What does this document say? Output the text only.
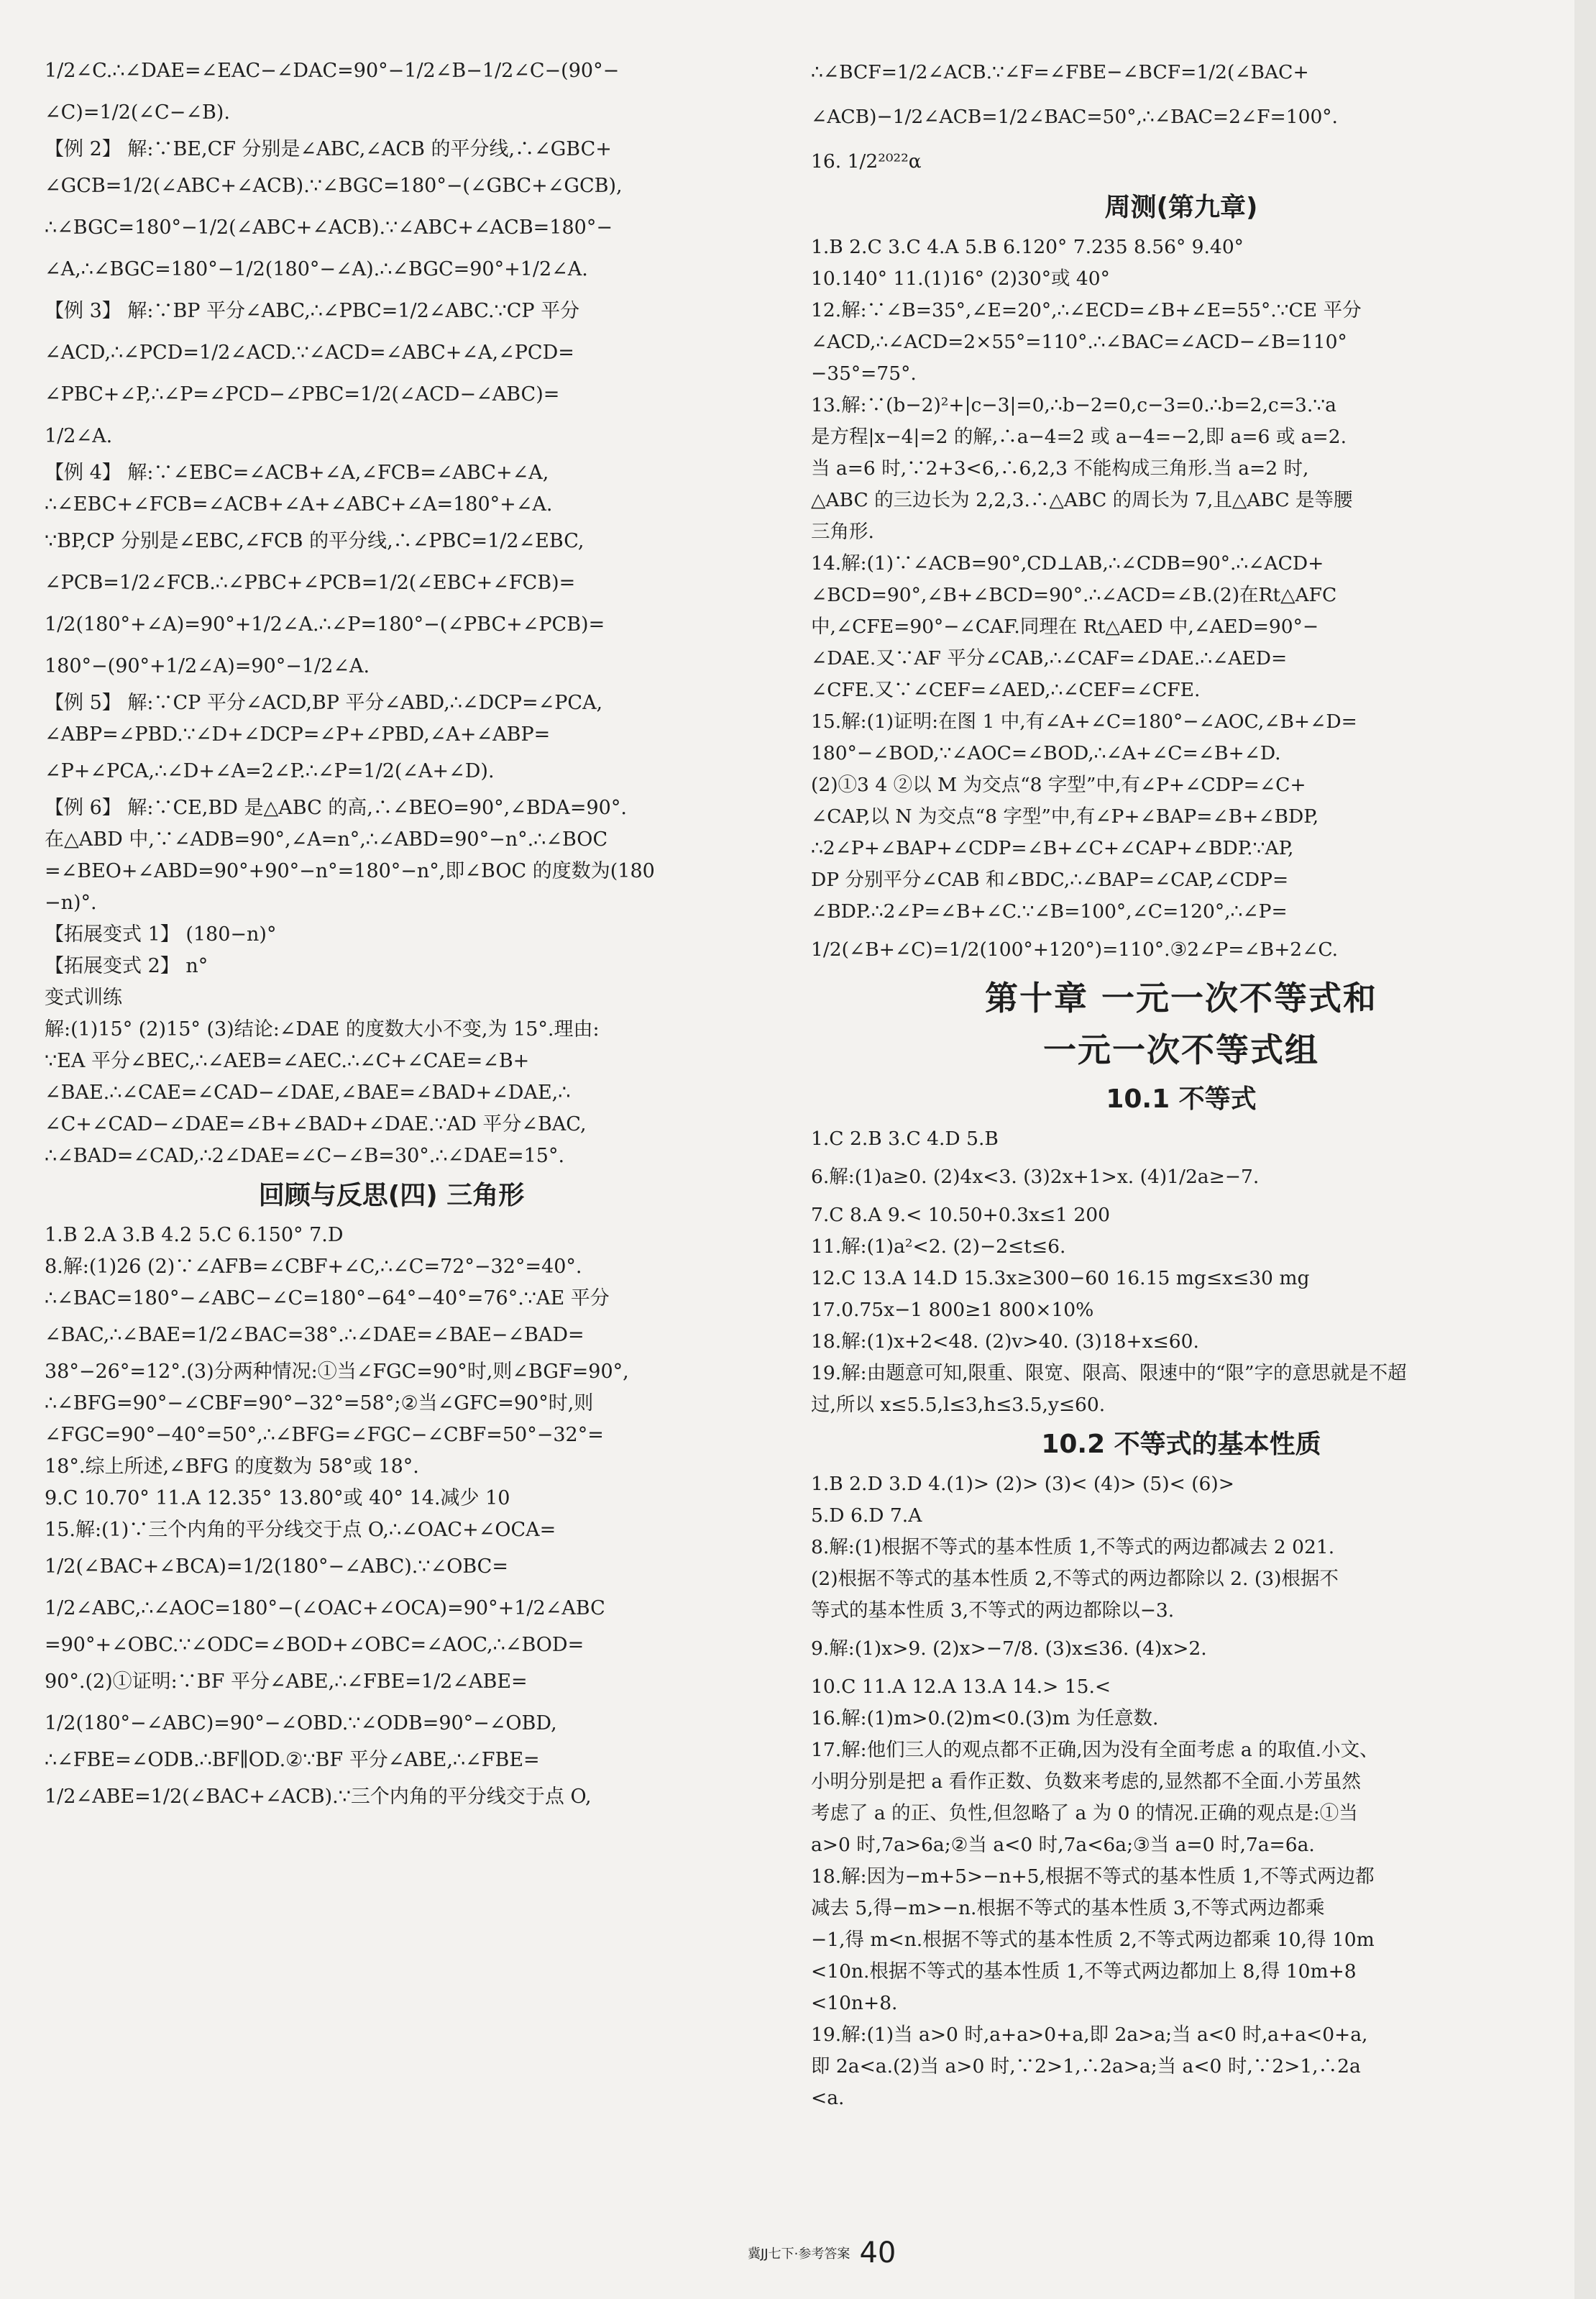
1/2∠C.∴∠DAE=∠EAC−∠DAC=90°−1/2∠B−1/2∠C−(90°−

∠C)=1/2(∠C−∠B).

【例 2】 解:∵BE,CF 分别是∠ABC,∠ACB 的平分线,∴∠GBC+

∠GCB=1/2(∠ABC+∠ACB).∵∠BGC=180°−(∠GBC+∠GCB),

∴∠BGC=180°−1/2(∠ABC+∠ACB).∵∠ABC+∠ACB=180°−

∠A,∴∠BGC=180°−1/2(180°−∠A).∴∠BGC=90°+1/2∠A.

【例 3】 解:∵BP 平分∠ABC,∴∠PBC=1/2∠ABC.∵CP 平分

∠ACD,∴∠PCD=1/2∠ACD.∵∠ACD=∠ABC+∠A,∠PCD=

∠PBC+∠P,∴∠P=∠PCD−∠PBC=1/2(∠ACD−∠ABC)=

1/2∠A.

【例 4】 解:∵∠EBC=∠ACB+∠A,∠FCB=∠ABC+∠A,

∴∠EBC+∠FCB=∠ACB+∠A+∠ABC+∠A=180°+∠A.

∵BP,CP 分别是∠EBC,∠FCB 的平分线,∴∠PBC=1/2∠EBC,

∠PCB=1/2∠FCB.∴∠PBC+∠PCB=1/2(∠EBC+∠FCB)=

1/2(180°+∠A)=90°+1/2∠A.∴∠P=180°−(∠PBC+∠PCB)=

180°−(90°+1/2∠A)=90°−1/2∠A.

【例 5】 解:∵CP 平分∠ACD,BP 平分∠ABD,∴∠DCP=∠PCA,

∠ABP=∠PBD.∵∠D+∠DCP=∠P+∠PBD,∠A+∠ABP=

∠P+∠PCA,∴∠D+∠A=2∠P.∴∠P=1/2(∠A+∠D).

【例 6】 解:∵CE,BD 是△ABC 的高,∴∠BEO=90°,∠BDA=90°.

在△ABD 中,∵∠ADB=90°,∠A=n°,∴∠ABD=90°−n°.∴∠BOC

=∠BEO+∠ABD=90°+90°−n°=180°−n°,即∠BOC 的度数为(180

−n)°.

【拓展变式 1】 (180−n)°

【拓展变式 2】 n°

变式训练

解:(1)15° (2)15° (3)结论:∠DAE 的度数大小不变,为 15°.理由:

∵EA 平分∠BEC,∴∠AEB=∠AEC.∴∠C+∠CAE=∠B+

∠BAE.∴∠CAE=∠CAD−∠DAE,∠BAE=∠BAD+∠DAE,∴

∠C+∠CAD−∠DAE=∠B+∠BAD+∠DAE.∵AD 平分∠BAC,

∴∠BAD=∠CAD,∴2∠DAE=∠C−∠B=30°.∴∠DAE=15°.

回顾与反思(四) 三角形

1.B 2.A 3.B 4.2 5.C 6.150° 7.D

8.解:(1)26 (2)∵∠AFB=∠CBF+∠C,∴∠C=72°−32°=40°.

∴∠BAC=180°−∠ABC−∠C=180°−64°−40°=76°.∵AE 平分

∠BAC,∴∠BAE=1/2∠BAC=38°.∴∠DAE=∠BAE−∠BAD=

38°−26°=12°.(3)分两种情况:①当∠FGC=90°时,则∠BGF=90°,

∴∠BFG=90°−∠CBF=90°−32°=58°;②当∠GFC=90°时,则

∠FGC=90°−40°=50°,∴∠BFG=∠FGC−∠CBF=50°−32°=

18°.综上所述,∠BFG 的度数为 58°或 18°.

9.C 10.70° 11.A 12.35° 13.80°或 40° 14.减少 10

15.解:(1)∵三个内角的平分线交于点 O,∴∠OAC+∠OCA=

1/2(∠BAC+∠BCA)=1/2(180°−∠ABC).∵∠OBC=

1/2∠ABC,∴∠AOC=180°−(∠OAC+∠OCA)=90°+1/2∠ABC

=90°+∠OBC.∵∠ODC=∠BOD+∠OBC=∠AOC,∴∠BOD=

90°.(2)①证明:∵BF 平分∠ABE,∴∠FBE=1/2∠ABE=

1/2(180°−∠ABC)=90°−∠OBD.∵∠ODB=90°−∠OBD,

∴∠FBE=∠ODB.∴BF∥OD.②∵BF 平分∠ABE,∴∠FBE=

1/2∠ABE=1/2(∠BAC+∠ACB).∵三个内角的平分线交于点 O,

∴∠BCF=1/2∠ACB.∵∠F=∠FBE−∠BCF=1/2(∠BAC+

∠ACB)−1/2∠ACB=1/2∠BAC=50°,∴∠BAC=2∠F=100°.

16. 1/2²⁰²²α

周测(第九章)

1.B 2.C 3.C 4.A 5.B 6.120° 7.235 8.56° 9.40°

10.140° 11.(1)16° (2)30°或 40°

12.解:∵∠B=35°,∠E=20°,∴∠ECD=∠B+∠E=55°.∵CE 平分

∠ACD,∴∠ACD=2×55°=110°.∴∠BAC=∠ACD−∠B=110°

−35°=75°.

13.解:∵(b−2)²+|c−3|=0,∴b−2=0,c−3=0.∴b=2,c=3.∵a

是方程|x−4|=2 的解,∴a−4=2 或 a−4=−2,即 a=6 或 a=2.

当 a=6 时,∵2+3<6,∴6,2,3 不能构成三角形.当 a=2 时,

△ABC 的三边长为 2,2,3.∴△ABC 的周长为 7,且△ABC 是等腰

三角形.

14.解:(1)∵∠ACB=90°,CD⊥AB,∴∠CDB=90°.∴∠ACD+

∠BCD=90°,∠B+∠BCD=90°.∴∠ACD=∠B.(2)在Rt△AFC

中,∠CFE=90°−∠CAF.同理在 Rt△AED 中,∠AED=90°−

∠DAE.又∵AF 平分∠CAB,∴∠CAF=∠DAE.∴∠AED=

∠CFE.又∵∠CEF=∠AED,∴∠CEF=∠CFE.

15.解:(1)证明:在图 1 中,有∠A+∠C=180°−∠AOC,∠B+∠D=

180°−∠BOD,∵∠AOC=∠BOD,∴∠A+∠C=∠B+∠D.

(2)①3 4 ②以 M 为交点“8 字型”中,有∠P+∠CDP=∠C+

∠CAP,以 N 为交点“8 字型”中,有∠P+∠BAP=∠B+∠BDP,

∴2∠P+∠BAP+∠CDP=∠B+∠C+∠CAP+∠BDP.∵AP,

DP 分别平分∠CAB 和∠BDC,∴∠BAP=∠CAP,∠CDP=

∠BDP.∴2∠P=∠B+∠C.∵∠B=100°,∠C=120°,∴∠P=

1/2(∠B+∠C)=1/2(100°+120°)=110°.③2∠P=∠B+2∠C.

第十章 一元一次不等式和

一元一次不等式组

10.1 不等式

1.C 2.B 3.C 4.D 5.B

6.解:(1)a≥0. (2)4x<3. (3)2x+1>x. (4)1/2a≥−7.

7.C 8.A 9.< 10.50+0.3x≤1 200

11.解:(1)a²<2. (2)−2≤t≤6.

12.C 13.A 14.D 15.3x≥300−60 16.15 mg≤x≤30 mg

17.0.75x−1 800≥1 800×10%

18.解:(1)x+2<48. (2)v>40. (3)18+x≤60.

19.解:由题意可知,限重、限宽、限高、限速中的“限”字的意思就是不超

过,所以 x≤5.5,l≤3,h≤3.5,y≤60.

10.2 不等式的基本性质

1.B 2.D 3.D 4.(1)> (2)> (3)< (4)> (5)< (6)>

5.D 6.D 7.A

8.解:(1)根据不等式的基本性质 1,不等式的两边都减去 2 021.

(2)根据不等式的基本性质 2,不等式的两边都除以 2. (3)根据不

等式的基本性质 3,不等式的两边都除以−3.

9.解:(1)x>9. (2)x>−7/8. (3)x≤36. (4)x>2.

10.C 11.A 12.A 13.A 14.> 15.<

16.解:(1)m>0.(2)m<0.(3)m 为任意数.

17.解:他们三人的观点都不正确,因为没有全面考虑 a 的取值.小文、

小明分别是把 a 看作正数、负数来考虑的,显然都不全面.小芳虽然

考虑了 a 的正、负性,但忽略了 a 为 0 的情况.正确的观点是:①当

a>0 时,7a>6a;②当 a<0 时,7a<6a;③当 a=0 时,7a=6a.

18.解:因为−m+5>−n+5,根据不等式的基本性质 1,不等式两边都

减去 5,得−m>−n.根据不等式的基本性质 3,不等式两边都乘

−1,得 m<n.根据不等式的基本性质 2,不等式两边都乘 10,得 10m

<10n.根据不等式的基本性质 1,不等式两边都加上 8,得 10m+8

<10n+8.

19.解:(1)当 a>0 时,a+a>0+a,即 2a>a;当 a<0 时,a+a<0+a,

即 2a<a.(2)当 a>0 时,∵2>1,∴2a>a;当 a<0 时,∵2>1,∴2a

<a.

冀JJ七下·参考答案 40
